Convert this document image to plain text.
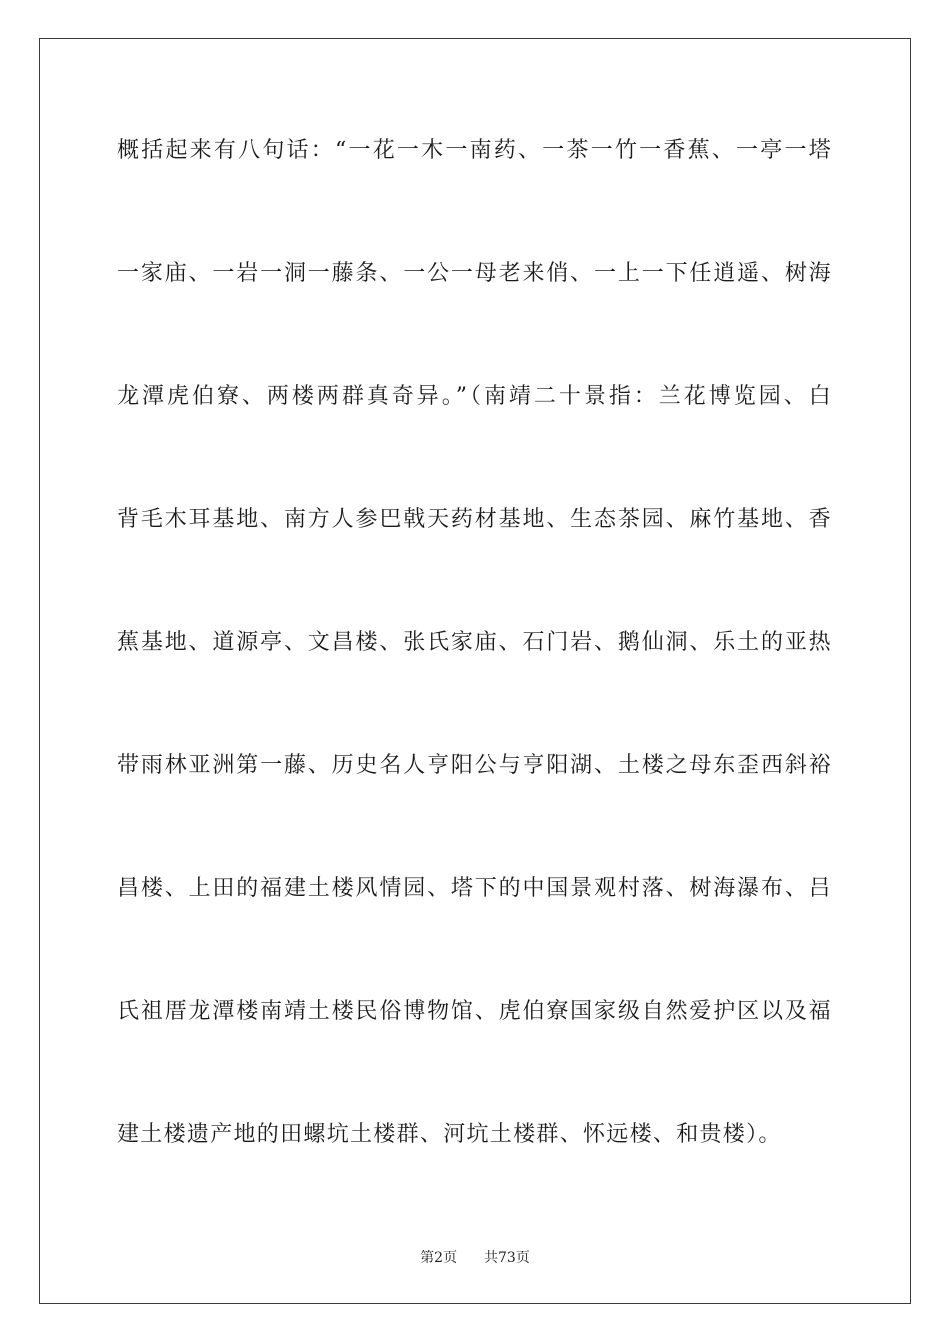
概括起来有八句话：“一花一木一南药、一茶一竹一香蕉、一亭一塔
一家庙、一岩一洞一藤条、一公一母老来俏、一上一下任逍遥、树海
龙潭虎伯寮、两楼两群真奇异。”（南靖二十景指：兰花博览园、白
背毛木耳基地、南方人参巴戟天药材基地、生态茶园、麻竹基地、香
蕉基地、道源亭、文昌楼、张氏家庙、石门岩、鹅仙洞、乐土的亚热
带雨林亚洲第一藤、历史名人亨阳公与亨阳湖、土楼之母东歪西斜裕
昌楼、上田的福建土楼风情园、塔下的中国景观村落、树海瀑布、吕
氏祖厝龙潭楼南靖土楼民俗博物馆、虎伯寮国家级自然爱护区以及福
建土楼遗产地的田螺坑土楼群、河坑土楼群、怀远楼、和贵楼）。
第2页 共73页
